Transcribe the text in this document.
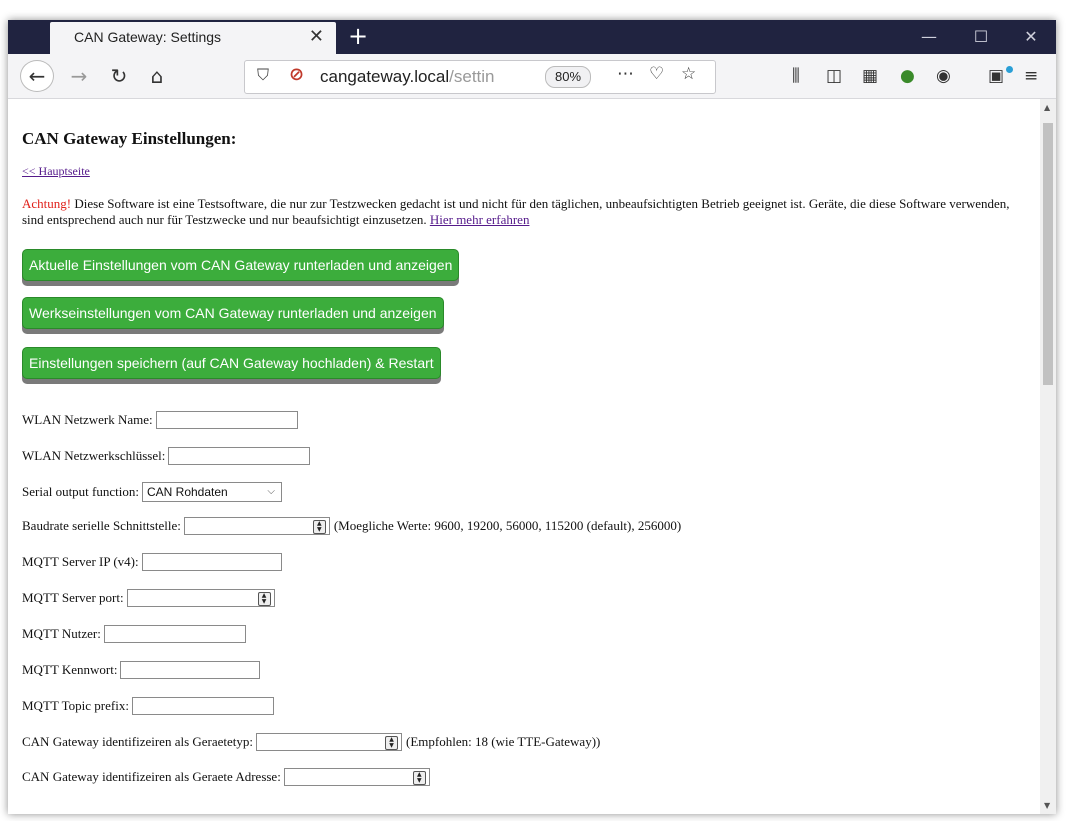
CAN Gateway: Settings	✕ +	—	☐	✕
←	→	↻	⌂	⛉ ⊘ cangateway.local/settin	80%	⋯ ♡ ☆	⫼ ◫ ▦ ● ◉ ▣ ≡
CAN Gateway Einstellungen:
<< Hauptseite
Achtung! Diese Software ist eine Testsoftware, die nur zur Testzwecken gedacht ist und nicht für den täglichen, unbeaufsichtigten Betrieb geeignet ist. Geräte, die diese Software verwenden, sind entsprechend auch nur für Testzwecke und nur beaufsichtigt einzusetzen. Hier mehr erfahren
Aktuelle Einstellungen vom CAN Gateway runterladen und anzeigen
Werkseinstellungen vom CAN Gateway runterladen und anzeigen
Einstellungen speichern (auf CAN Gateway hochladen) & Restart
WLAN Netzwerk Name:
WLAN Netzwerkschlüssel:
Serial output function: CAN Rohdaten	⌵
Baudrate serielle Schnittstelle:	▲
▼ (Moegliche Werte: 9600, 19200, 56000, 115200 (default), 256000)
MQTT Server IP (v4):
MQTT Server port:	▲
▼
MQTT Nutzer:
MQTT Kennwort:
MQTT Topic prefix:
CAN Gateway identifizeiren als Geraetetyp:	▲
▼ (Empfohlen: 18 (wie TTE-Gateway))
CAN Gateway identifizeiren als Geraete Adresse:	▲
▼
▲
▼
